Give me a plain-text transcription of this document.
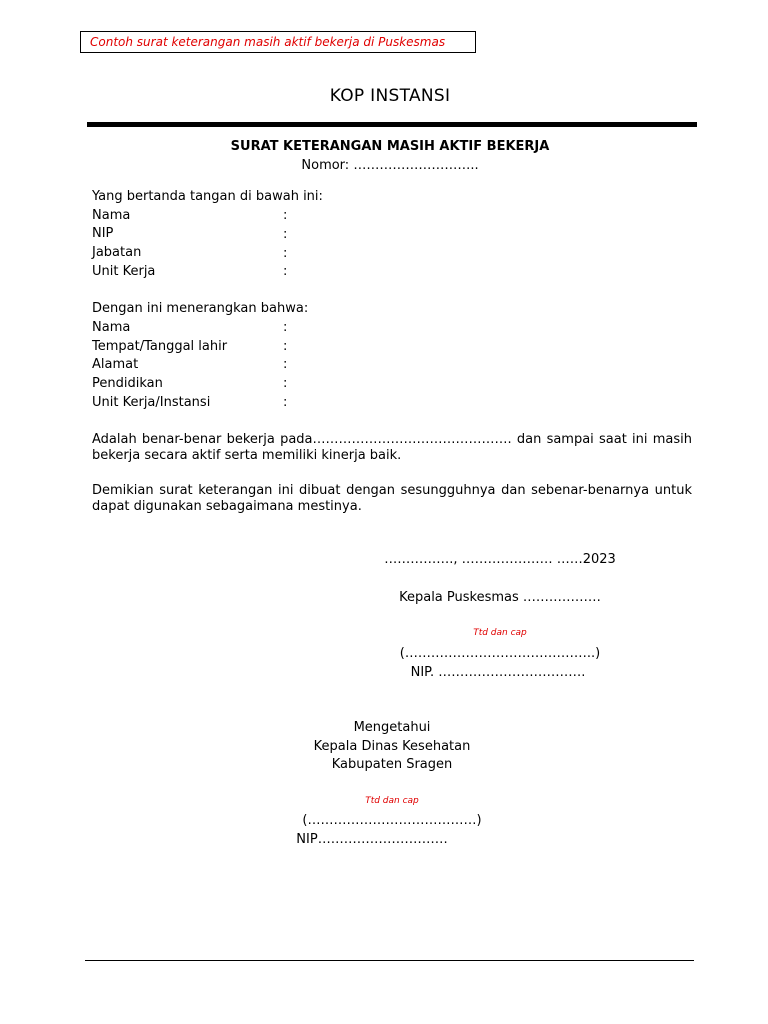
Contoh surat keterangan masih aktif bekerja di Puskesmas
KOP INSTANSI
SURAT KETERANGAN MASIH AKTIF BEKERJA
Nomor: ………………………..
Yang bertanda tangan di bawah ini:
Nama	:
NIP	:
Jabatan	:
Unit Kerja	:
Dengan ini menerangkan bahwa:
Nama	:
Tempat/Tanggal lahir	:
Alamat	:
Pendidikan	:
Unit Kerja/Instansi	:
Adalah benar-benar bekerja pada………………………………………. dan sampai saat ini masih bekerja secara aktif serta memiliki kinerja baik.
Demikian surat keterangan ini dibuat dengan sesungguhnya dan sebenar-benarnya untuk dapat digunakan sebagaimana mestinya.
……………., ………………… ……2023
Kepala Puskesmas ………………
Ttd dan cap
(……………………………………..)
NIP. …………………………….
Mengetahui
Kepala Dinas Kesehatan
Kabupaten Sragen
Ttd dan cap
(…………………………………)
NIP…………………………
